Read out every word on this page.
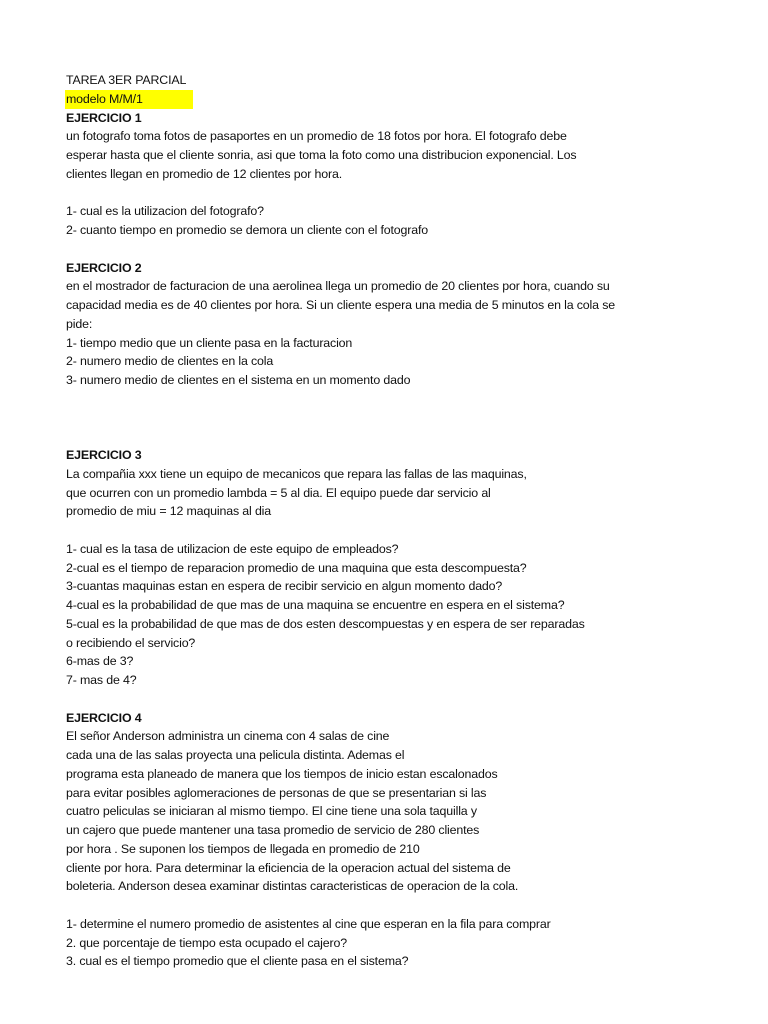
TAREA 3ER PARCIAL
modelo M/M/1
EJERCICIO 1
un fotografo toma fotos de pasaportes en un promedio de 18 fotos por hora. El fotografo debe
esperar hasta que el cliente sonria, asi que toma la foto como una distribucion exponencial. Los
clientes llegan en promedio de 12 clientes por hora.
1- cual es la utilizacion del fotografo?
2- cuanto tiempo en promedio se demora un cliente con el fotografo
EJERCICIO 2
en el mostrador de facturacion de una aerolinea llega un promedio de 20 clientes por hora, cuando su
capacidad media es de 40 clientes por hora. Si un cliente espera una media de 5 minutos en la cola se
pide:
1- tiempo medio que un cliente pasa en la facturacion
2- numero medio de clientes en la cola
3- numero medio de clientes en el sistema en un momento dado
EJERCICIO 3
La compañia xxx tiene un equipo de mecanicos que repara las fallas de las maquinas,
que ocurren con un promedio lambda = 5 al dia. El equipo puede dar servicio al
promedio de miu = 12 maquinas al dia
1- cual es la tasa de utilizacion de este equipo de empleados?
2-cual es el tiempo de reparacion promedio de una maquina que esta descompuesta?
3-cuantas maquinas estan en espera de recibir servicio en algun momento dado?
4-cual es la probabilidad de que mas de una maquina se encuentre en espera en el sistema?
5-cual es la probabilidad de que mas de dos esten descompuestas y en espera de ser reparadas
o recibiendo el servicio?
6-mas de 3?
7- mas de 4?
EJERCICIO 4
El señor Anderson administra un cinema con 4 salas de cine
cada una de las salas proyecta una pelicula distinta. Ademas el
programa esta planeado de manera que los tiempos de inicio estan escalonados
para evitar posibles aglomeraciones de personas de que se presentarian si las
cuatro peliculas se iniciaran al mismo tiempo. El cine tiene una sola taquilla y
un cajero que puede mantener una tasa promedio de servicio de 280 clientes
por hora . Se suponen los tiempos de llegada en promedio de 210
cliente por hora. Para determinar la eficiencia de la operacion actual del sistema de
boleteria. Anderson desea examinar distintas caracteristicas de operacion de la cola.
1- determine el numero promedio de asistentes al cine que esperan en la fila para comprar
2. que porcentaje de tiempo esta ocupado el cajero?
3. cual es el tiempo promedio que el cliente pasa en el sistema?
